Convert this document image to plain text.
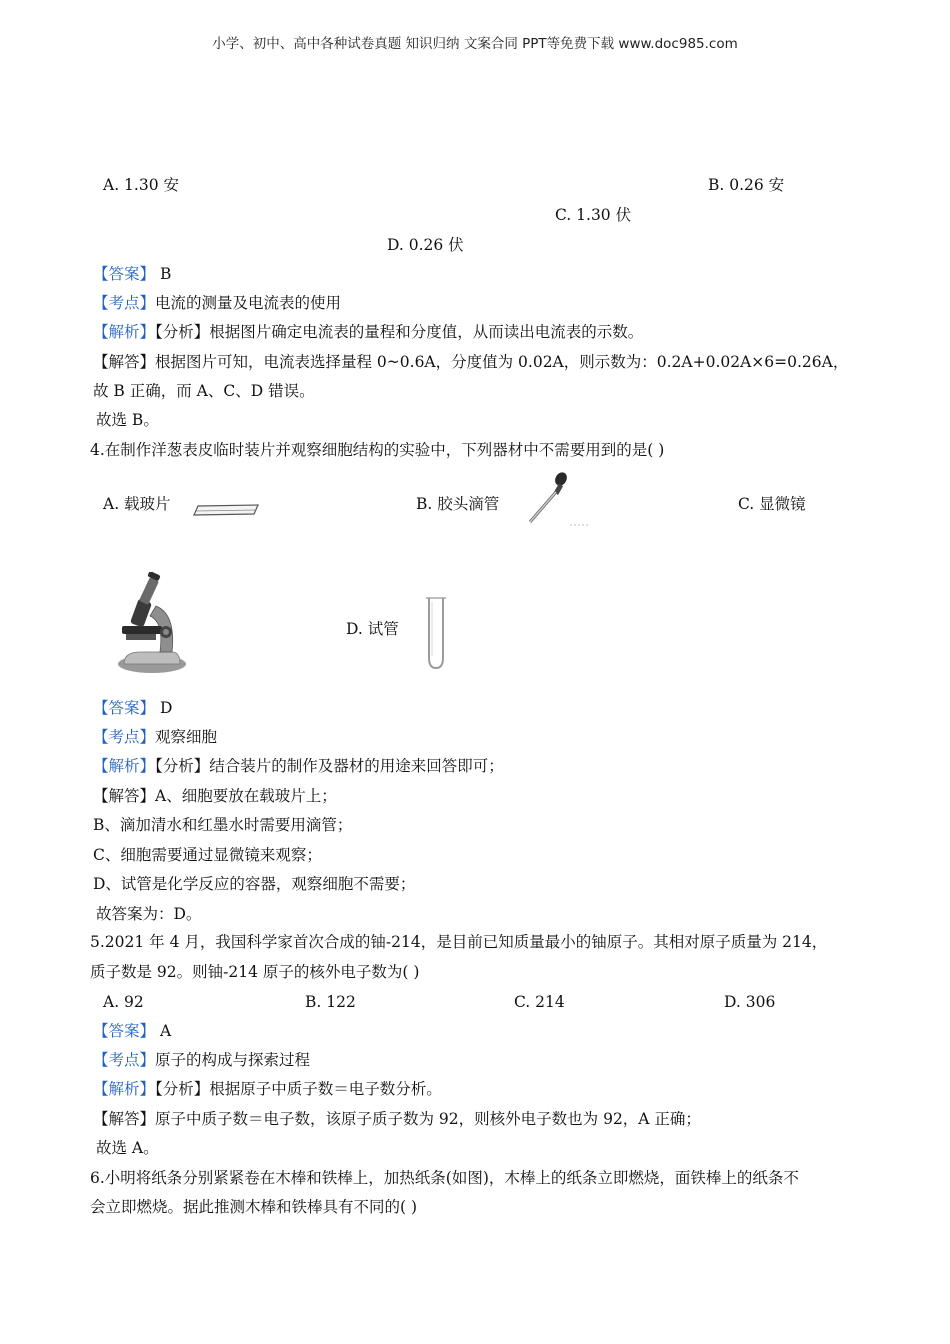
小学、初中、高中各种试卷真题 知识归纳 文案合同 PPT等免费下载 www.doc985.com
A. 1.30 安	B. 0.26 安
C. 1.30 伏
D. 0.26 伏
【答案】 B
【考点】电流的测量及电流表的使用
【解析】【分析】根据图片确定电流表的量程和分度值，从而读出电流表的示数。
【解答】根据图片可知，电流表选择量程 0~0.6A，分度值为 0.02A，则示数为：0.2A+0.02A×6=0.26A，
故 B 正确，而 A、C、D 错误。
故选 B。
4.在制作洋葱表皮临时装片并观察细胞结构的实验中，下列器材中不需要用到的是( )
A. 载玻片	B. 胶头滴管	C. 显微镜
D. 试管
【答案】 D
【考点】观察细胞
【解析】【分析】结合装片的制作及器材的用途来回答即可；
【解答】A、细胞要放在载玻片上；
B、滴加清水和红墨水时需要用滴管；
C、细胞需要通过显微镜来观察；
D、试管是化学反应的容器，观察细胞不需要；
故答案为：D。
5.2021 年 4 月，我国科学家首次合成的铀-214，是目前已知质量最小的铀原子。其相对原子质量为 214，
质子数是 92。则铀-214 原子的核外电子数为( )
A. 92	B. 122	C. 214	D. 306
【答案】 A
【考点】原子的构成与探索过程
【解析】【分析】根据原子中质子数＝电子数分析。
【解答】原子中质子数＝电子数，该原子质子数为 92，则核外电子数也为 92，A 正确；
故选 A。
6.小明将纸条分别紧紧卷在木棒和铁棒上，加热纸条(如图)，木棒上的纸条立即燃烧，面铁棒上的纸条不
会立即燃烧。据此推测木棒和铁棒具有不同的( )
